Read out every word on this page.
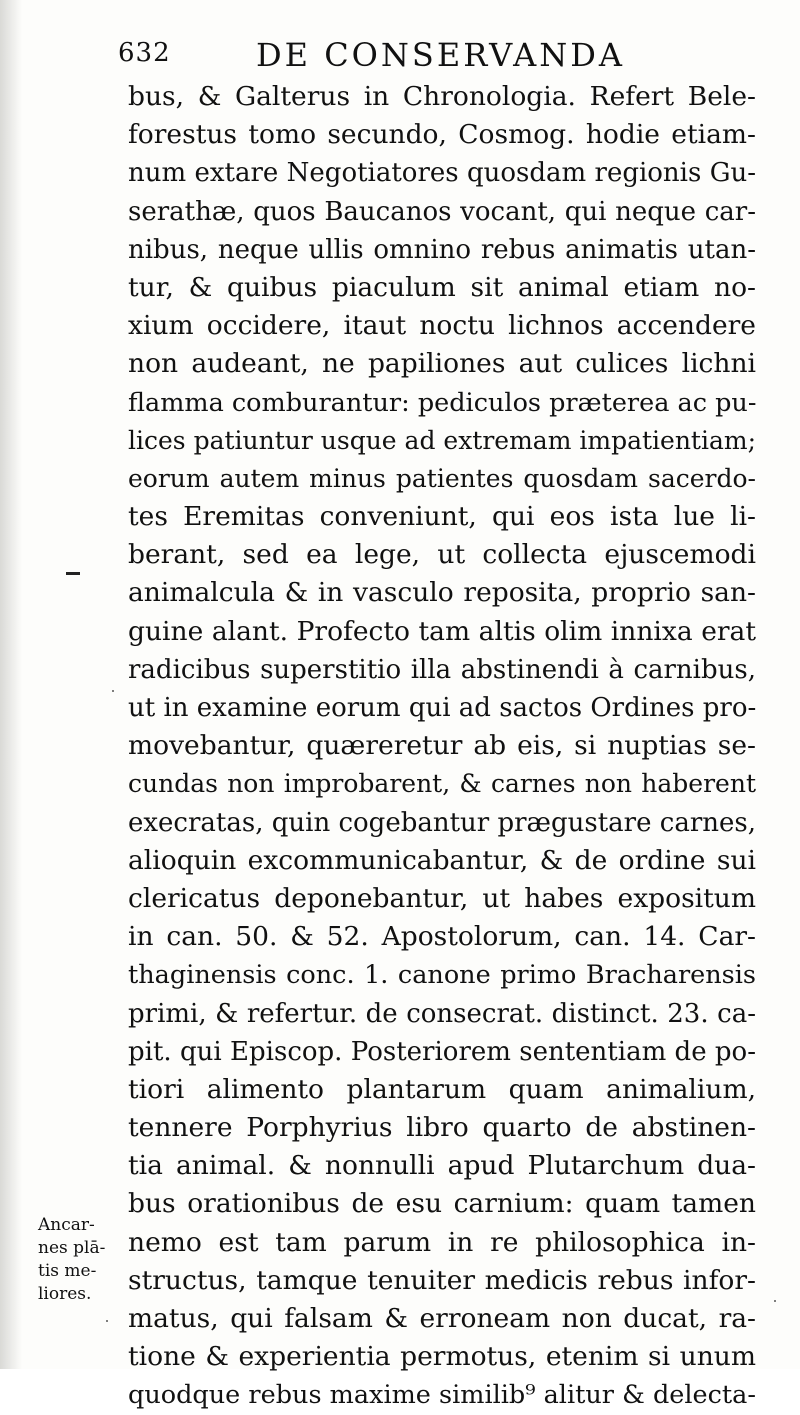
632	DE CONSERVANDA
bus, & Galterus in Chronologia. Refert Bele-
forestus tomo secundo, Cosmog. hodie etiam-
num extare Negotiatores quosdam regionis Gu-
serathæ, quos Baucanos vocant, qui neque car-
nibus, neque ullis omnino rebus animatis utan-
tur, & quibus piaculum sit animal etiam no-
xium occidere, itaut noctu lichnos accendere
non audeant, ne papiliones aut culices lichni
flamma comburantur: pediculos præterea ac pu-
lices patiuntur usque ad extremam impatientiam;
eorum autem minus patientes quosdam sacerdo-
tes Eremitas conveniunt, qui eos ista lue li-
berant, sed ea lege, ut collecta ejuscemodi
animalcula & in vasculo reposita, proprio san-
guine alant. Profecto tam altis olim innixa erat
radicibus superstitio illa abstinendi à carnibus,
ut in examine eorum qui ad sactos Ordines pro-
movebantur, quæreretur ab eis, si nuptias se-
cundas non improbarent, & carnes non haberent
execratas, quin cogebantur prægustare carnes,
alioquin excommunicabantur, & de ordine sui
clericatus deponebantur, ut habes expositum
in can. 50. & 52. Apostolorum, can. 14. Car-
thaginensis conc. 1. canone primo Bracharensis
primi, & refertur. de consecrat. distinct. 23. ca-
pit. qui Episcop. Posteriorem sententiam de po-
tiori alimento plantarum quam animalium,
tennere Porphyrius libro quarto de abstinen-
tia animal. & nonnulli apud Plutarchum dua-
bus orationibus de esu carnium: quam tamen
nemo est tam parum in re philosophica in-
structus, tamque tenuiter medicis rebus infor-
matus, qui falsam & erroneam non ducat, ra-
tione & experientia permotus, etenim si unum
quodque rebus maxime similib⁹ alitur & delecta-
Ancar-
nes plā-
tis me-
liores.
